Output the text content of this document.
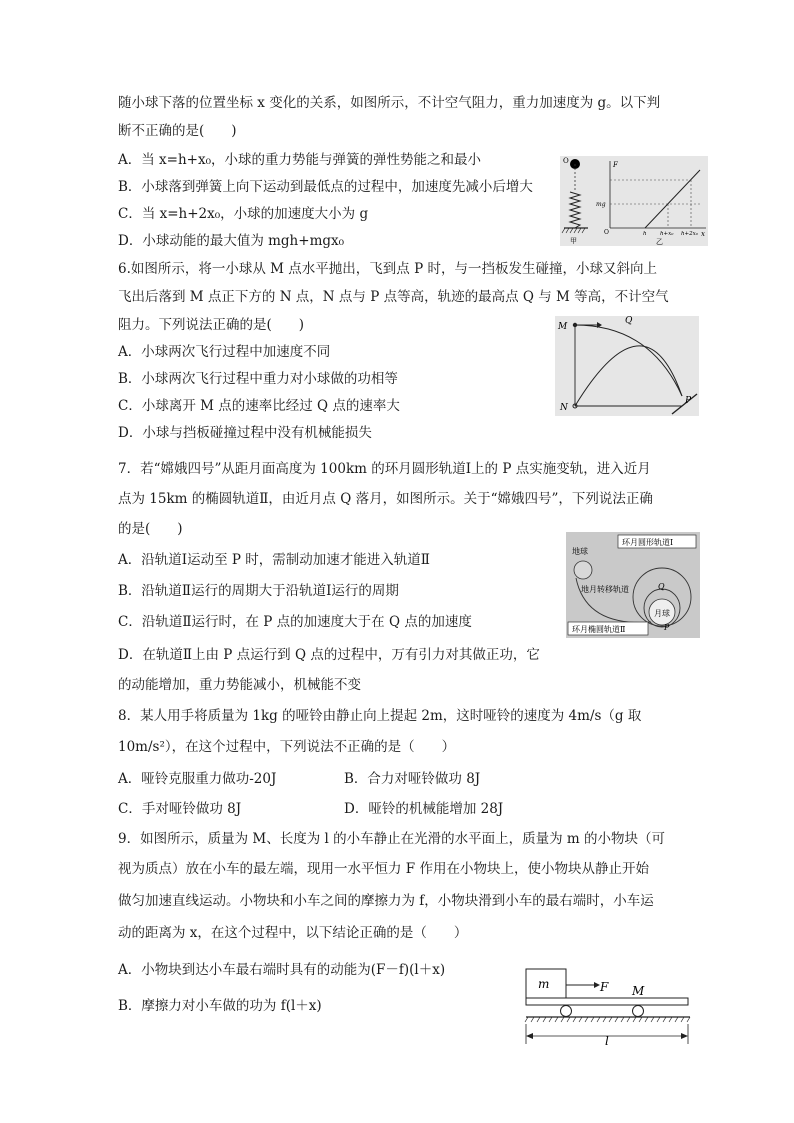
随小球下落的位置坐标 x 变化的关系，如图所示，不计空气阻力，重力加速度为 g。以下判
断不正确的是(　　)
A．当 x=h+x₀，小球的重力势能与弹簧的弹性势能之和最小
B．小球落到弹簧上向下运动到最低点的过程中，加速度先减小后增大
C．当 x=h+2x₀，小球的加速度大小为 g
D．小球动能的最大值为 mgh+mgx₀
O
甲
F
x
O
mg
h h+x₀ h+2x₀
乙
6.如图所示，将一小球从 M 点水平抛出，飞到点 P 时，与一挡板发生碰撞，小球又斜向上
飞出后落到 M 点正下方的 N 点，N 点与 P 点等高，轨迹的最高点 Q 与 M 等高，不计空气
阻力。下列说法正确的是(　　)
A．小球两次飞行过程中加速度不同
B．小球两次飞行过程中重力对小球做的功相等
C．小球离开 M 点的速率比经过 Q 点的速率大
D．小球与挡板碰撞过程中没有机械能损失
M
Q
N
P
7．若“嫦娥四号”从距月面高度为 100km 的环月圆形轨道Ⅰ上的 P 点实施变轨，进入近月
点为 15km 的椭圆轨道Ⅱ，由近月点 Q 落月，如图所示。关于“嫦娥四号”，下列说法正确
的是(　　)
A．沿轨道Ⅰ运动至 P 时，需制动加速才能进入轨道Ⅱ
B．沿轨道Ⅱ运行的周期大于沿轨道Ⅰ运行的周期
C．沿轨道Ⅱ运行时，在 P 点的加速度大于在 Q 点的加速度
D．在轨道Ⅱ上由 P 点运行到 Q 点的过程中，万有引力对其做正功，它
的动能增加，重力势能减小，机械能不变
环月圆形轨道Ⅰ
地球
地月转移轨道
月球
Q
P
环月椭圆轨道Ⅱ
8．某人用手将质量为 1kg 的哑铃由静止向上提起 2m，这时哑铃的速度为 4m/s（g 取
10m/s²），在这个过程中，下列说法不正确的是（　　）
A．哑铃克服重力做功-20J	B．合力对哑铃做功 8J
C．手对哑铃做功 8J	D．哑铃的机械能增加 28J
9．如图所示，质量为 M、长度为 l 的小车静止在光滑的水平面上，质量为 m 的小物块（可
视为质点）放在小车的最左端，现用一水平恒力 F 作用在小物块上，使小物块从静止开始
做匀加速直线运动。小物块和小车之间的摩擦力为 f，小物块滑到小车的最右端时，小车运
动的距离为 x，在这个过程中，以下结论正确的是（　　）
A．小物块到达小车最右端时具有的动能为(F－f)(l＋x)
B．摩擦力对小车做的功为 f(l＋x)
m	F M
l
